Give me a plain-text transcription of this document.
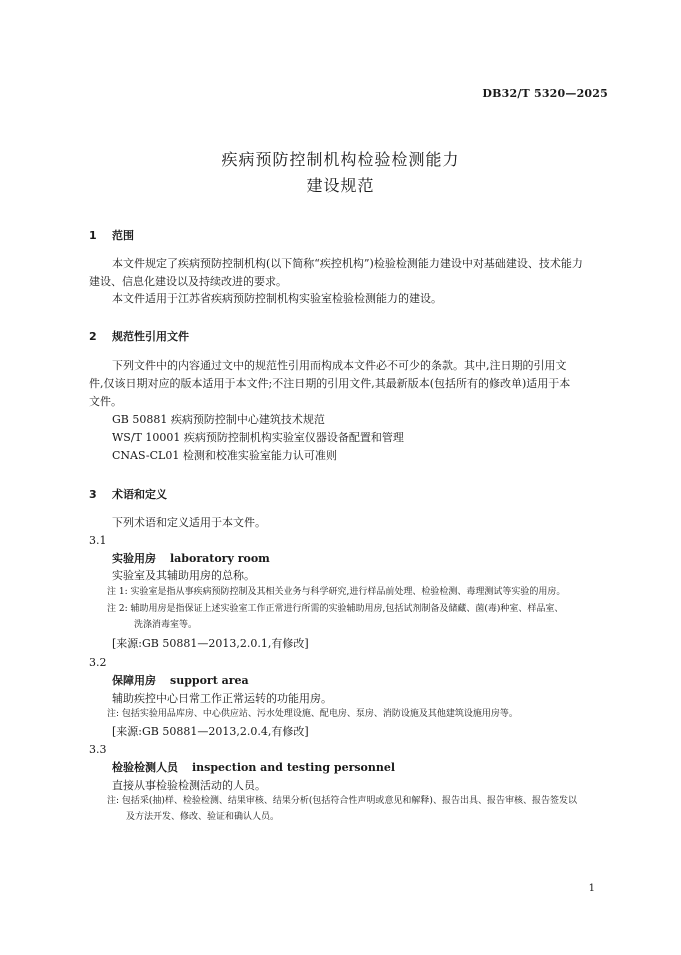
DB32/T 5320—2025
疾病预防控制机构检验检测能力
建设规范
1 范围
本文件规定了疾病预防控制机构(以下简称“疾控机构”)检验检测能力建设中对基础建设、技术能力
建设、信息化建设以及持续改进的要求。
本文件适用于江苏省疾病预防控制机构实验室检验检测能力的建设。
2 规范性引用文件
下列文件中的内容通过文中的规范性引用而构成本文件必不可少的条款。其中,注日期的引用文
件,仅该日期对应的版本适用于本文件;不注日期的引用文件,其最新版本(包括所有的修改单)适用于本
文件。
GB 50881 疾病预防控制中心建筑技术规范
WS/T 10001 疾病预防控制机构实验室仪器设备配置和管理
CNAS-CL01 检测和校准实验室能力认可准则
3 术语和定义
下列术语和定义适用于本文件。
3.1
实验用房 laboratory room
实验室及其辅助用房的总称。
注 1: 实验室是指从事疾病预防控制及其相关业务与科学研究,进行样品前处理、检验检测、毒理测试等实验的用房。
注 2: 辅助用房是指保证上述实验室工作正常进行所需的实验辅助用房,包括试剂制备及储藏、菌(毒)种室、样品室、
洗涤消毒室等。
[来源:GB 50881—2013,2.0.1,有修改]
3.2
保障用房 support area
辅助疾控中心日常工作正常运转的功能用房。
注: 包括实验用品库房、中心供应站、污水处理设施、配电房、泵房、消防设施及其他建筑设施用房等。
[来源:GB 50881—2013,2.0.4,有修改]
3.3
检验检测人员 inspection and testing personnel
直接从事检验检测活动的人员。
注: 包括采(抽)样、检验检测、结果审核、结果分析(包括符合性声明或意见和解释)、报告出具、报告审核、报告签发以
及方法开发、修改、验证和确认人员。
1
